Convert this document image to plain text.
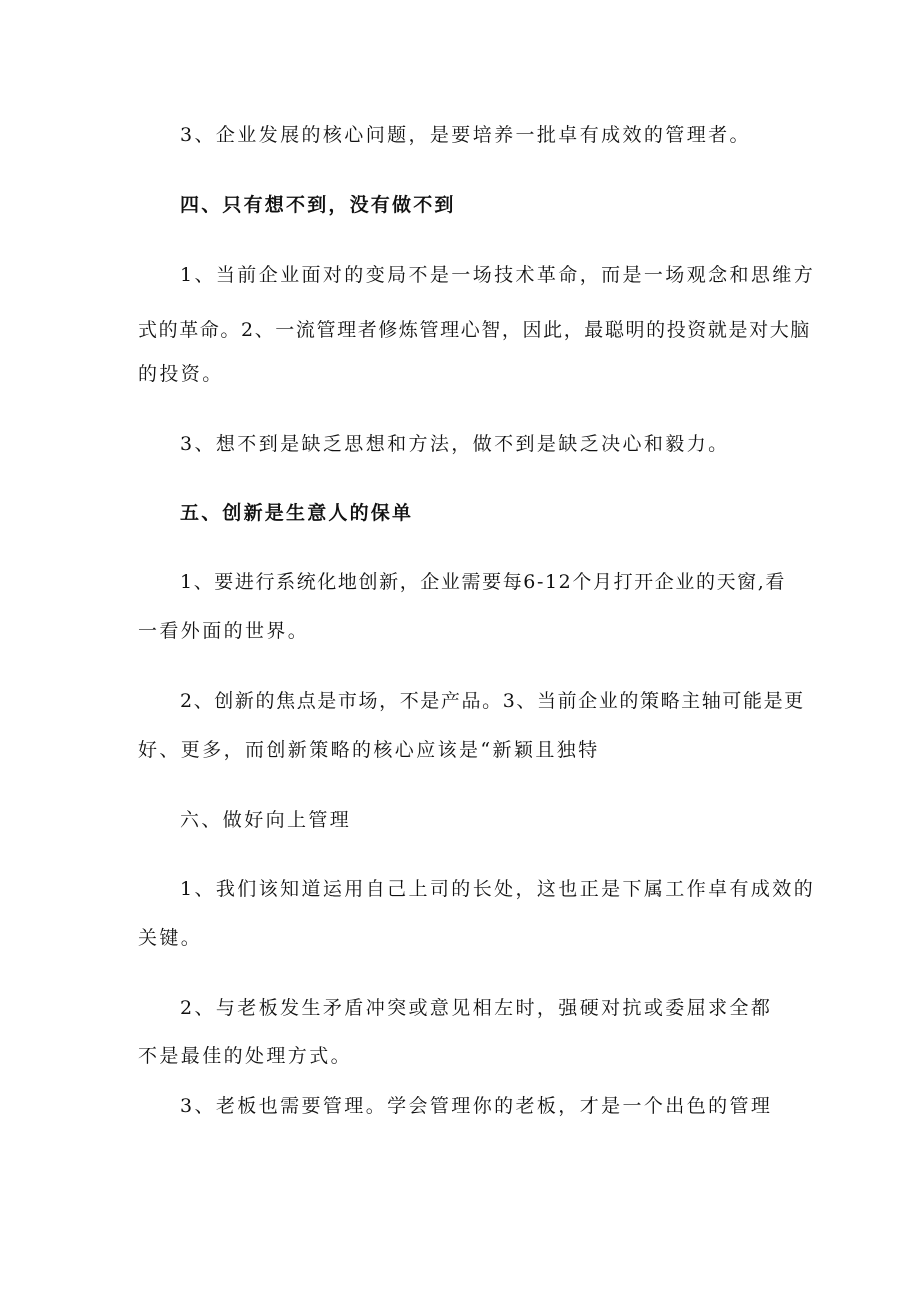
3、企业发展的核心问题，是要培养一批卓有成效的管理者。
四、只有想不到，没有做不到
1、当前企业面对的变局不是一场技术革命，而是一场观念和思维方
式的革命。2、一流管理者修炼管理心智，因此，最聪明的投资就是对大脑
的投资。
3、想不到是缺乏思想和方法，做不到是缺乏决心和毅力。
五、创新是生意人的保单
1、要进行系统化地创新，企业需要每6-12个月打开企业的天窗,看
一看外面的世界。
2、创新的焦点是市场，不是产品。3、当前企业的策略主轴可能是更
好、更多，而创新策略的核心应该是“新颖且独特
六、做好向上管理
1、我们该知道运用自己上司的长处，这也正是下属工作卓有成效的
关键。
2、与老板发生矛盾冲突或意见相左时，强硬对抗或委屈求全都
不是最佳的处理方式。
3、老板也需要管理。学会管理你的老板，才是一个出色的管理
